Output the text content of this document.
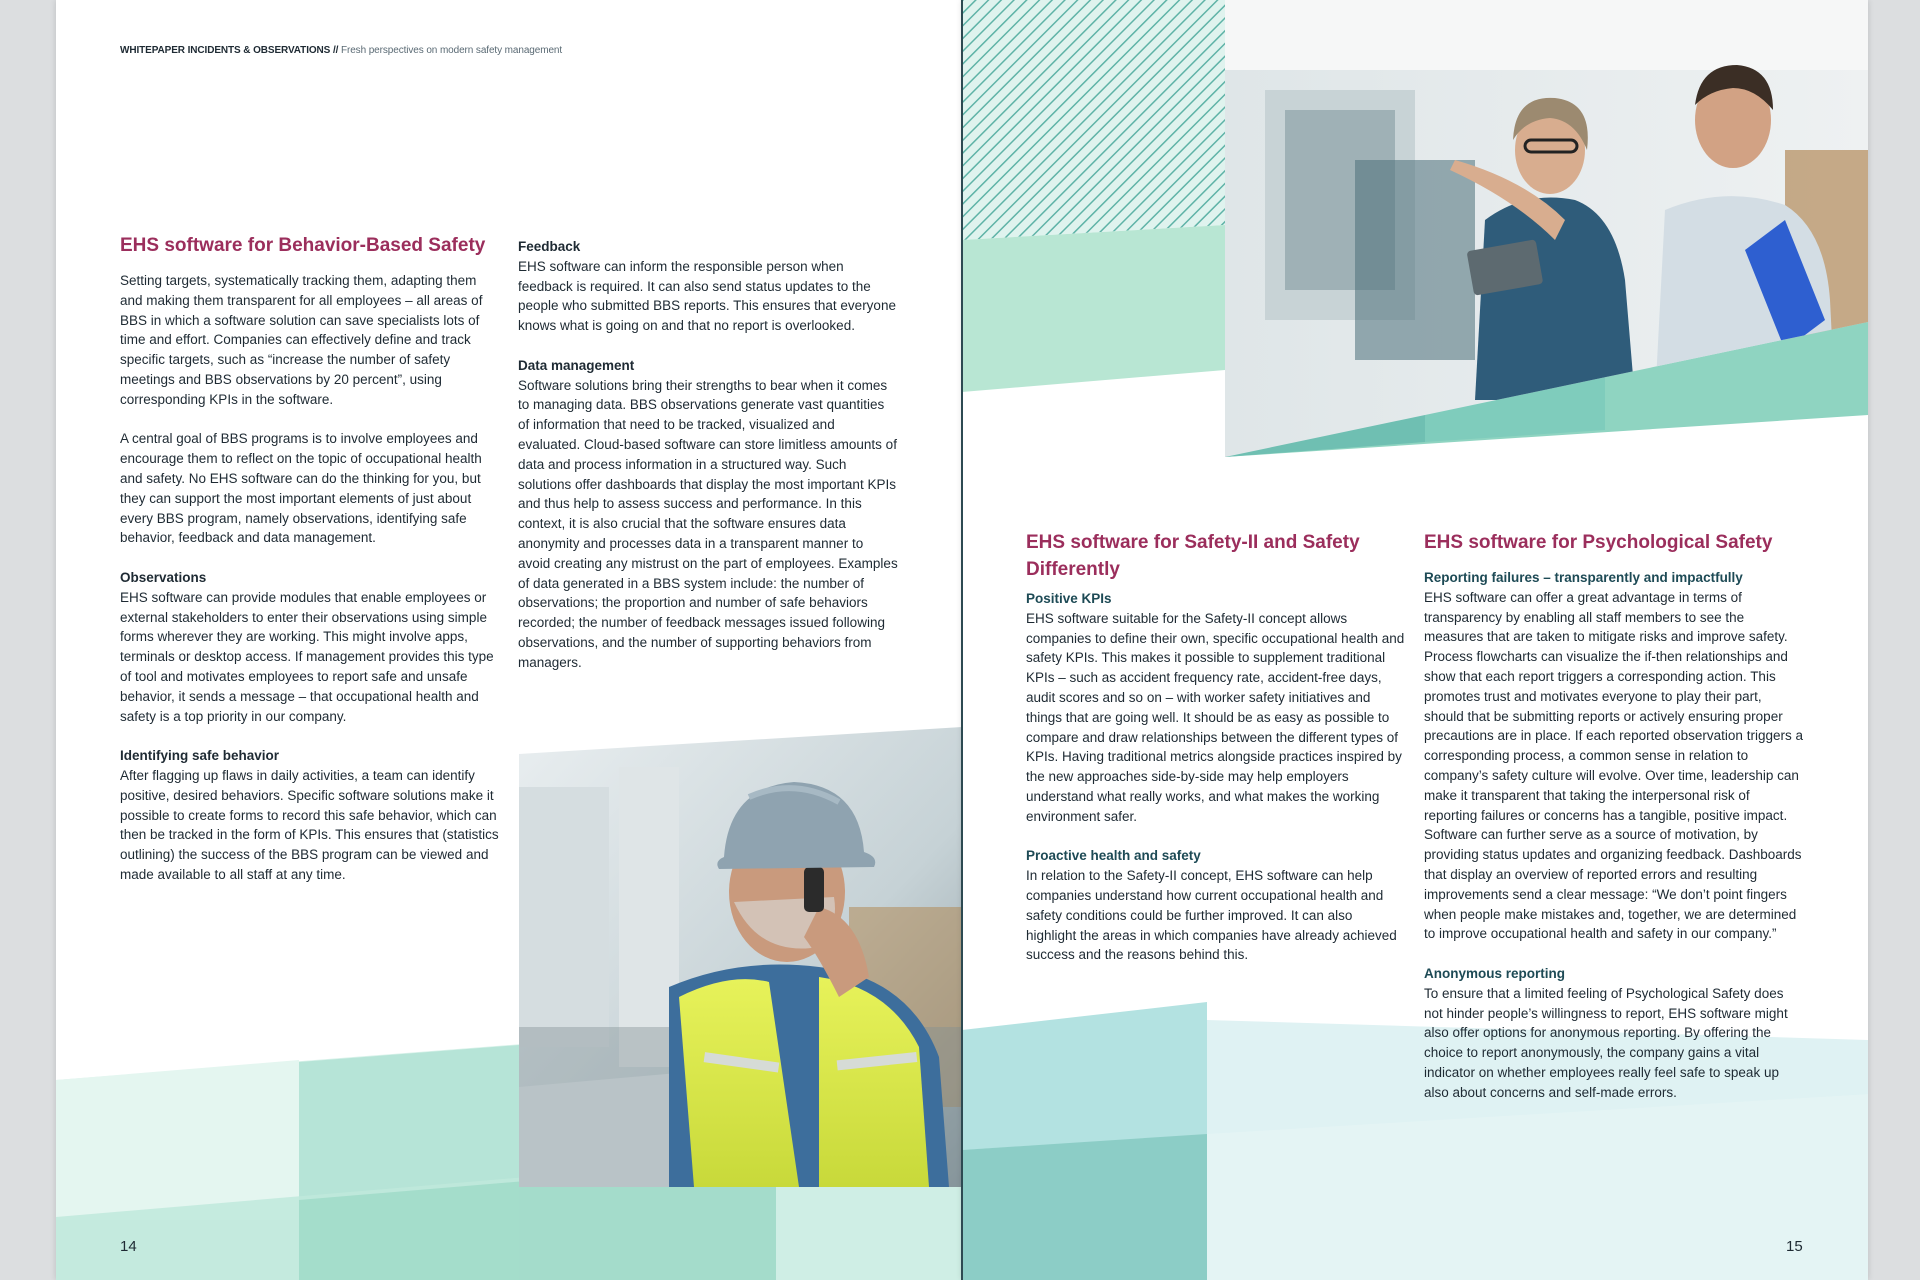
WHITEPAPER INCIDENTS & OBSERVATIONS // Fresh perspectives on modern safety management
EHS software for Behavior-Based Safety

Setting targets, systematically tracking them, adapting them and making them transparent for all employees – all areas of BBS in which a software solution can save specialists lots of time and effort. Companies can effectively define and track specific targets, such as “increase the number of safety meetings and BBS observations by 20 percent”, using corresponding KPIs in the software.

A central goal of BBS programs is to involve employees and encourage them to reflect on the topic of occupational health and safety. No EHS software can do the thinking for you, but they can support the most important elements of just about every BBS program, namely observations, identifying safe behavior, feedback and data management.

Observations

EHS software can provide modules that enable employees or external stakeholders to enter their observations using simple forms wherever they are working. This might involve apps, terminals or desktop access. If management provides this type of tool and motivates employees to report safe and unsafe behavior, it sends a message – that occupational health and safety is a top priority in our company.

Identifying safe behavior

After flagging up flaws in daily activities, a team can identify positive, desired behaviors. Specific software solutions make it possible to create forms to record this safe behavior, which can then be tracked in the form of KPIs. This ensures that (statistics outlining) the success of the BBS program can be viewed and made available to all staff at any time.

Feedback

EHS software can inform the responsible person when feedback is required. It can also send status updates to the people who submitted BBS reports. This ensures that everyone knows what is going on and that no report is overlooked.

Data management

Software solutions bring their strengths to bear when it comes to managing data. BBS observations generate vast quantities of information that need to be tracked, visualized and evaluated. Cloud-based software can store limitless amounts of data and process information in a structured way. Such solutions offer dashboards that display the most important KPIs and thus help to assess success and performance. In this context, it is also crucial that the software ensures data anonymity and processes data in a transparent manner to avoid creating any mistrust on the part of employees. Examples of data generated in a BBS system include: the number of observations; the proportion and number of safe behaviors recorded; the number of feedback messages issued following observations, and the number of supporting behaviors from managers.

14
EHS software for Safety-II and Safety Differently
Positive KPIs

EHS software suitable for the Safety-II concept allows companies to define their own, specific occupational health and safety KPIs. This makes it possible to supplement traditional KPIs – such as accident frequency rate, accident-free days, audit scores and so on – with worker safety initiatives and things that are going well. It should be as easy as possible to compare and draw relationships between the different types of KPIs. Having traditional metrics alongside practices inspired by the new approaches side-by-side may help employers understand what really works, and what makes the working environment safer.

Proactive health and safety

In relation to the Safety-II concept, EHS software can help companies understand how current occupational health and safety conditions could be further improved. It can also highlight the areas in which companies have already achieved success and the reasons behind this.

EHS software for Psychological Safety
Reporting failures – transparently and impactfully

EHS software can offer a great advantage in terms of transparency by enabling all staff members to see the measures that are taken to mitigate risks and improve safety. Process flowcharts can visualize the if-then relationships and show that each report triggers a corresponding action. This promotes trust and motivates everyone to play their part, should that be submitting reports or actively ensuring proper precautions are in place. If each reported observation triggers a corresponding process, a common sense in relation to company’s safety culture will evolve. Over time, leadership can make it transparent that taking the interpersonal risk of reporting failures or concerns has a tangible, positive impact. Software can further serve as a source of motivation, by providing status updates and organizing feedback. Dashboards that display an overview of reported errors and resulting improvements send a clear message: “We don’t point fingers when people make mistakes and, together, we are determined to improve occupational health and safety in our company.”

Anonymous reporting

To ensure that a limited feeling of Psychological Safety does not hinder people’s willingness to report, EHS software might also offer options for anonymous reporting. By offering the choice to report anonymously, the company gains a vital indicator on whether employees really feel safe to speak up also about concerns and self-made errors.

15
